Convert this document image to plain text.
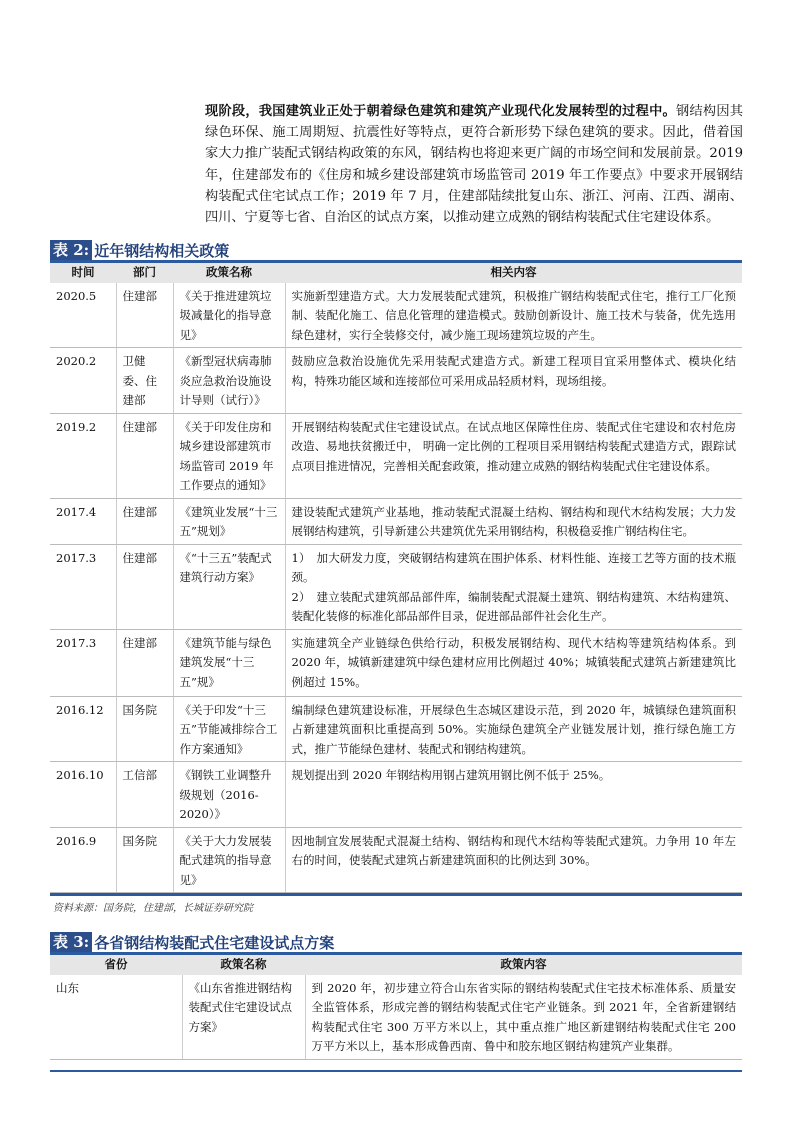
现阶段，我国建筑业正处于朝着绿色建筑和建筑产业现代化发展转型的过程中。钢结构因其绿色环保、施工周期短、抗震性好等特点，更符合新形势下绿色建筑的要求。因此，借着国家大力推广装配式钢结构政策的东风，钢结构也将迎来更广阔的市场空间和发展前景。2019年，住建部发布的《住房和城乡建设部建筑市场监管司 2019 年工作要点》中要求开展钢结构装配式住宅试点工作；2019 年 7 月，住建部陆续批复山东、浙江、河南、江西、湖南、四川、宁夏等七省、自治区的试点方案，以推动建立成熟的钢结构装配式住宅建设体系。
表 2: 近年钢结构相关政策
时间	部门	政策名称	相关内容
2020.5	住建部	《关于推进建筑垃圾减量化的指导意见》	实施新型建造方式。大力发展装配式建筑，积极推广钢结构装配式住宅，推行工厂化预制、装配化施工、信息化管理的建造模式。鼓励创新设计、施工技术与装备，优先选用绿色建材，实行全装修交付，减少施工现场建筑垃圾的产生。
2020.2	卫健委、住建部	《新型冠状病毒肺炎应急救治设施设计导则（试行）》	鼓励应急救治设施优先采用装配式建造方式。新建工程项目宜采用整体式、模块化结构，特殊功能区域和连接部位可采用成品轻质材料，现场组接。
2019.2	住建部	《关于印发住房和城乡建设部建筑市场监管司 2019 年工作要点的通知》	开展钢结构装配式住宅建设试点。在试点地区保障性住房、装配式住宅建设和农村危房改造、易地扶贫搬迁中， 明确一定比例的工程项目采用钢结构装配式建造方式，跟踪试点项目推进情况，完善相关配套政策，推动建立成熟的钢结构装配式住宅建设体系。
2017.4	住建部	《建筑业发展“十三五”规划》	建设装配式建筑产业基地，推动装配式混凝土结构、钢结构和现代木结构发展；大力发展钢结构建筑，引导新建公共建筑优先采用钢结构，积极稳妥推广钢结构住宅。
2017.3	住建部	《“十三五”装配式建筑行动方案》	1）　加大研发力度，突破钢结构建筑在围护体系、材料性能、连接工艺等方面的技术瓶颈。
2）　建立装配式建筑部品部件库，编制装配式混凝土建筑、钢结构建筑、木结构建筑、装配化装修的标准化部品部件目录，促进部品部件社会化生产。
2017.3	住建部	《建筑节能与绿色建筑发展“十三五”规》	实施建筑全产业链绿色供给行动，积极发展钢结构、现代木结构等建筑结构体系。到 2020 年，城镇新建建筑中绿色建材应用比例超过 40%；城镇装配式建筑占新建建筑比例超过 15%。
2016.12	国务院	《关于印发“十三五”节能减排综合工作方案通知》	编制绿色建筑建设标准，开展绿色生态城区建设示范，到 2020 年，城镇绿色建筑面积占新建建筑面积比重提高到 50%。实施绿色建筑全产业链发展计划，推行绿色施工方式，推广节能绿色建材、装配式和钢结构建筑。
2016.10	工信部	《钢铁工业调整升级规划（2016-2020）》	规划提出到 2020 年钢结构用钢占建筑用钢比例不低于 25%。
2016.9	国务院	《关于大力发展装配式建筑的指导意见》	因地制宜发展装配式混凝土结构、钢结构和现代木结构等装配式建筑。力争用 10 年左右的时间，使装配式建筑占新建建筑面积的比例达到 30%。
资料来源：国务院，住建部，长城证券研究院
表 3: 各省钢结构装配式住宅建设试点方案
省份	政策名称	政策内容
山东	《山东省推进钢结构装配式住宅建设试点方案》	到 2020 年，初步建立符合山东省实际的钢结构装配式住宅技术标准体系、质量安全监管体系，形成完善的钢结构装配式住宅产业链条。到 2021 年，全省新建钢结构装配式住宅 300 万平方米以上，其中重点推广地区新建钢结构装配式住宅 200 万平方米以上，基本形成鲁西南、鲁中和胶东地区钢结构建筑产业集群。
